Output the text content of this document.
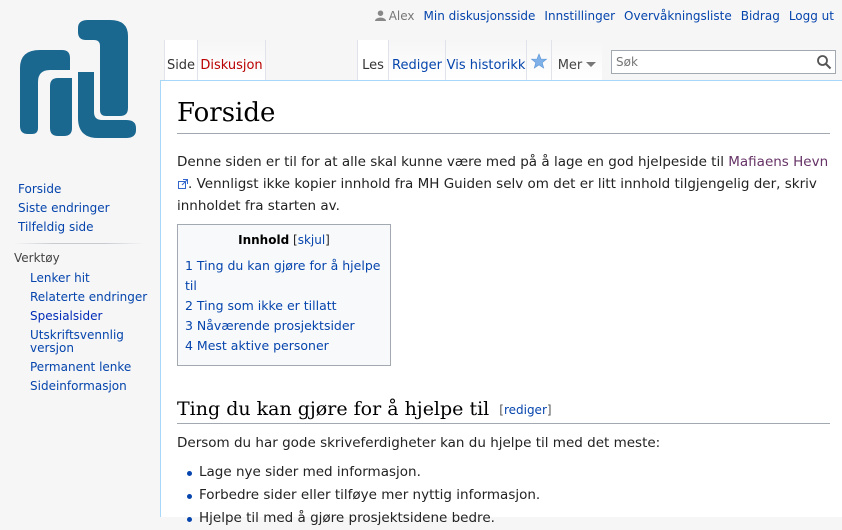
Alex Min diskusjonsside Innstillinger Overvåkningsliste Bidrag Logg ut
Forside
Siste endringer
Tilfeldig side
Verktøy
Lenker hit
Relaterte endringer
Spesialsider
Utskriftsvennlig versjon
Permanent lenke
Sideinformasjon
Side Diskusjon	Les Rediger Vis historikk	Mer
Søk
Forside

Denne siden er til for at alle skal kunne være med på å lage en god hjelpeside til Mafiaens Hevn. Vennligst ikke kopier innhold fra MH Guiden selv om det er litt innhold tilgjengelig der, skriv innholdet fra starten av.

Innhold [skjul]
1 Ting du kan gjøre for å hjelpe til
2 Ting som ikke er tillatt
3 Nåværende prosjektsider
4 Mest aktive personer
Ting du kan gjøre for å hjelpe til [rediger]

Dersom du har gode skriveferdigheter kan du hjelpe til med det meste:

Lage nye sider med informasjon.
Forbedre sider eller tilføye mer nyttig informasjon.
Hjelpe til med å gjøre prosjektsidene bedre.
